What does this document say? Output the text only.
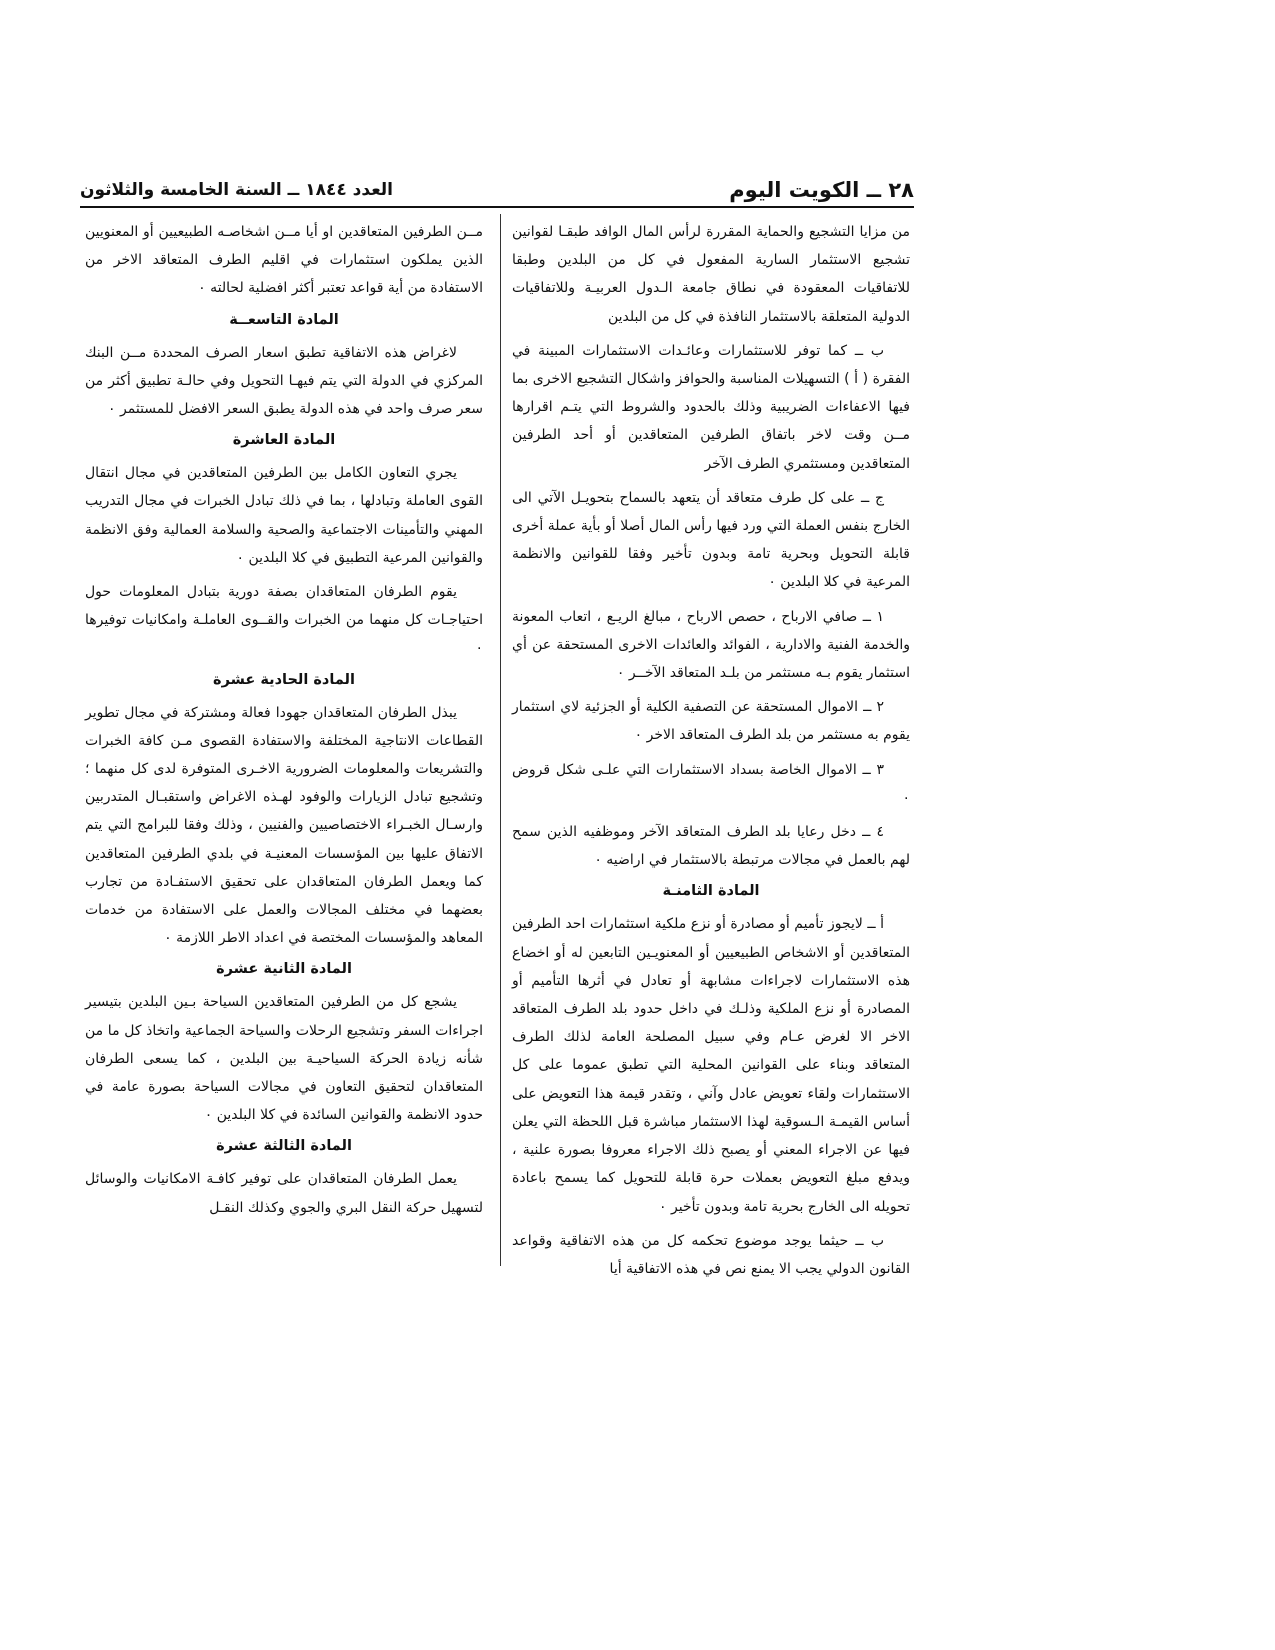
٢٨ ــ الكويت اليوم
العدد ١٨٤٤ ــ السنة الخامسة والثلاثون

من مزايا التشجيع والحماية المقررة لرأس المال الوافد طبقـا لقوانين تشجيع الاستثمار السارية المفعول في كل من البلدين وطبقا للاتفاقيات المعقودة في نطاق جامعة الـدول العربيـة وللاتفاقيات الدولية المتعلقة بالاستثمار النافذة في كل من البلدين

ب ــ كما توفر للاستثمارات وعائـدات الاستثمارات المبينة في الفقرة ( أ ) التسهيلات المناسبة والحوافز واشكال التشجيع الاخرى بما فيها الاعفاءات الضريبية وذلك بالحدود والشروط التي يتـم اقرارها مــن وقت لاخر باتفاق الطرفين المتعاقدين أو أحد الطرفين المتعاقدين ومستثمري الطرف الآخر

ج ــ على كل طرف متعاقد أن يتعهد بالسماح بتحويـل الآتي الى الخارج بنفس العملة التي ورد فيها رأس المال أصلا أو بأية عملة أخرى قابلة التحويل وبحرية تامة وبدون تأخير وفقا للقوانين والانظمة المرعية في كلا البلدين ٠

١ ــ صافي الارباح ، حصص الارباح ، مبالغ الريـع ، اتعاب المعونة والخدمة الفنية والادارية ، الفوائد والعائدات الاخرى المستحقة عن أي استثمار يقوم بـه مستثمر من بلـد المتعاقد الآخــر ٠

٢ ــ الاموال المستحقة عن التصفية الكلية أو الجزئية لاي استثمار يقوم به مستثمر من بلد الطرف المتعاقد الاخر ٠

٣ ــ الاموال الخاصة بسداد الاستثمارات التي علـى شكل قروض ٠

٤ ــ دخل رعايا بلد الطرف المتعاقد الآخر وموظفيه الذين سمح لهم بالعمل في مجالات مرتبطة بالاستثمار في اراضيه ٠

المادة الثامنـة

أ ــ لايجوز تأميم أو مصادرة أو نزع ملكية استثمارات احد الطرفين المتعاقدين أو الاشخاص الطبيعيين أو المعنويـين التابعين له أو اخضاع هذه الاستثمارات لاجراءات مشابهة أو تعادل في أثرها التأميم أو المصادرة أو نزع الملكية وذلـك في داخل حدود بلد الطرف المتعاقد الاخر الا لغرض عـام وفي سبيل المصلحة العامة لذلك الطرف المتعاقد وبناء على القوانين المحلية التي تطبق عموما على كل الاستثمارات ولقاء تعويض عادل وآني ، وتقدر قيمة هذا التعويض على أساس القيمـة الـسوقية لهذا الاستثمار مباشرة قبل اللحظة التي يعلن فيها عن الاجراء المعني أو يصبح ذلك الاجراء معروفا بصورة علنية ، ويدفع مبلغ التعويض بعملات حرة قابلة للتحويل كما يسمح باعادة تحويله الى الخارج بحرية تامة وبدون تأخير ٠

ب ــ حيثما يوجد موضوع تحكمه كل من هذه الاتفاقية وقواعد القانون الدولي يجب الا يمنع نص في هذه الاتفاقية أيا

مــن الطرفين المتعاقدين او أيا مــن اشخاصـه الطبيعيين أو المعنويين الذين يملكون استثمارات في اقليم الطرف المتعاقد الاخر من الاستفادة من أية قواعد تعتبر أكثر افضلية لحالته ٠

المادة التاسعــة

لاغراض هذه الاتفاقية تطبق اسعار الصرف المحددة مــن البنك المركزي في الدولة التي يتم فيهـا التحويل وفي حالـة تطبيق أكثر من سعر صرف واحد في هذه الدولة يطبق السعر الافضل للمستثمر ٠

المادة العاشرة

يجري التعاون الكامل بين الطرفين المتعاقدين في مجال انتقال القوى العاملة وتبادلها ، بما في ذلك تبادل الخبرات في مجال التدريب المهني والتأمينات الاجتماعية والصحية والسلامة العمالية وفق الانظمة والقوانين المرعية التطبيق في كلا البلدين ٠

يقوم الطرفان المتعاقدان بصفة دورية بتبادل المعلومات حول احتياجـات كل منهما من الخبرات والقــوى العاملـة وامكانيات توفيرها ٠

المادة الحادية عشرة

يبذل الطرفان المتعاقدان جهودا فعالة ومشتركة في مجال تطوير القطاعات الانتاجية المختلفة والاستفادة القصوى مـن كافة الخبرات والتشريعات والمعلومات الضرورية الاخـرى المتوفرة لدى كل منهما ؛ وتشجيع تبادل الزيارات والوفود لهـذه الاغراض واستقبـال المتدربين وارسـال الخبـراء الاختصاصيين والفنيين ، وذلك وفقا للبرامج التي يتم الاتفاق عليها بين المؤسسات المعنيـة في بلدي الطرفين المتعاقدين كما ويعمل الطرفان المتعاقدان على تحقيق الاستفـادة من تجارب بعضهما في مختلف المجالات والعمل على الاستفادة من خدمات المعاهد والمؤسسات المختصة في اعداد الاطر اللازمة ٠

المادة الثانية عشرة

يشجع كل من الطرفين المتعاقدين السياحة بـين البلدين بتيسير اجراءات السفر وتشجيع الرحلات والسياحة الجماعية واتخاذ كل ما من شأنه زيادة الحركة السياحيـة بين البلدين ، كما يسعى الطرفان المتعاقدان لتحقيق التعاون في مجالات السياحة بصورة عامة في حدود الانظمة والقوانين السائدة في كلا البلدين ٠

المادة الثالثة عشرة

يعمل الطرفان المتعاقدان على توفير كافـة الامكانيات والوسائل لتسهيل حركة النقل البري والجوي وكذلك النقـل
